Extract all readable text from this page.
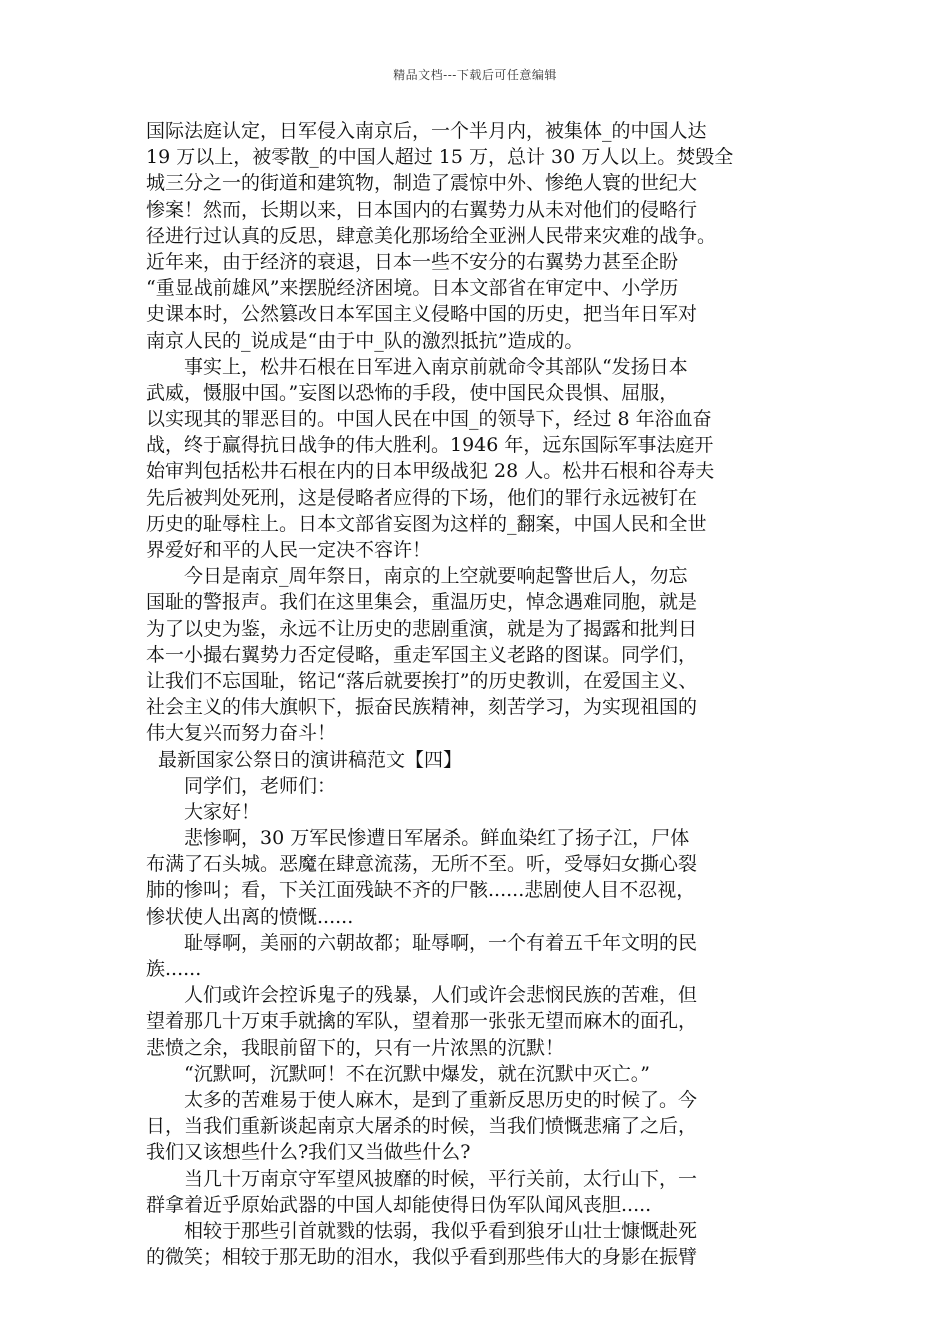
精品文档---下载后可任意编辑
国际法庭认定，日军侵入南京后，一个半月内，被集体_的中国人达
19 万以上，被零散_的中国人超过 15 万，总计 30 万人以上。焚毁全
城三分之一的街道和建筑物，制造了震惊中外、惨绝人寰的世纪大
惨案！然而，长期以来，日本国内的右翼势力从未对他们的侵略行
径进行过认真的反思，肆意美化那场给全亚洲人民带来灾难的战争。
近年来，由于经济的衰退，日本一些不安分的右翼势力甚至企盼
“重显战前雄风”来摆脱经济困境。日本文部省在审定中、小学历
史课本时，公然篡改日本军国主义侵略中国的历史，把当年日军对
南京人民的_说成是“由于中_队的激烈抵抗”造成的。
事实上，松井石根在日军进入南京前就命令其部队“发扬日本
武威，慑服中国。”妄图以恐怖的手段，使中国民众畏惧、屈服，
以实现其的罪恶目的。中国人民在中国_的领导下，经过 8 年浴血奋
战，终于赢得抗日战争的伟大胜利。1946 年，远东国际军事法庭开
始审判包括松井石根在内的日本甲级战犯 28 人。松井石根和谷寿夫
先后被判处死刑，这是侵略者应得的下场，他们的罪行永远被钉在
历史的耻辱柱上。日本文部省妄图为这样的_翻案，中国人民和全世
界爱好和平的人民一定决不容许！
今日是南京_周年祭日，南京的上空就要响起警世后人，勿忘
国耻的警报声。我们在这里集会，重温历史，悼念遇难同胞，就是
为了以史为鉴，永远不让历史的悲剧重演，就是为了揭露和批判日
本一小撮右翼势力否定侵略，重走军国主义老路的图谋。同学们，
让我们不忘国耻，铭记“落后就要挨打”的历史教训，在爱国主义、
社会主义的伟大旗帜下，振奋民族精神，刻苦学习，为实现祖国的
伟大复兴而努力奋斗！
最新国家公祭日的演讲稿范文【四】
同学们，老师们：
大家好！
悲惨啊，30 万军民惨遭日军屠杀。鲜血染红了扬子江，尸体
布满了石头城。恶魔在肆意流荡，无所不至。听，受辱妇女撕心裂
肺的惨叫；看，下关江面残缺不齐的尸骸......悲剧使人目不忍视，
惨状使人出离的愤慨......
耻辱啊，美丽的六朝故都；耻辱啊，一个有着五千年文明的民
族......
人们或许会控诉鬼子的残暴，人们或许会悲悯民族的苦难，但
望着那几十万束手就擒的军队，望着那一张张无望而麻木的面孔，
悲愤之余，我眼前留下的，只有一片浓黑的沉默！
“沉默呵，沉默呵！不在沉默中爆发，就在沉默中灭亡。”
太多的苦难易于使人麻木，是到了重新反思历史的时候了。今
日，当我们重新谈起南京大屠杀的时候，当我们愤慨悲痛了之后，
我们又该想些什么?我们又当做些什么?
当几十万南京守军望风披靡的时候，平行关前，太行山下，一
群拿着近乎原始武器的中国人却能使得日伪军队闻风丧胆.....
相较于那些引首就戮的怯弱，我似乎看到狼牙山壮士慷慨赴死
的微笑；相较于那无助的泪水，我似乎看到那些伟大的身影在振臂
